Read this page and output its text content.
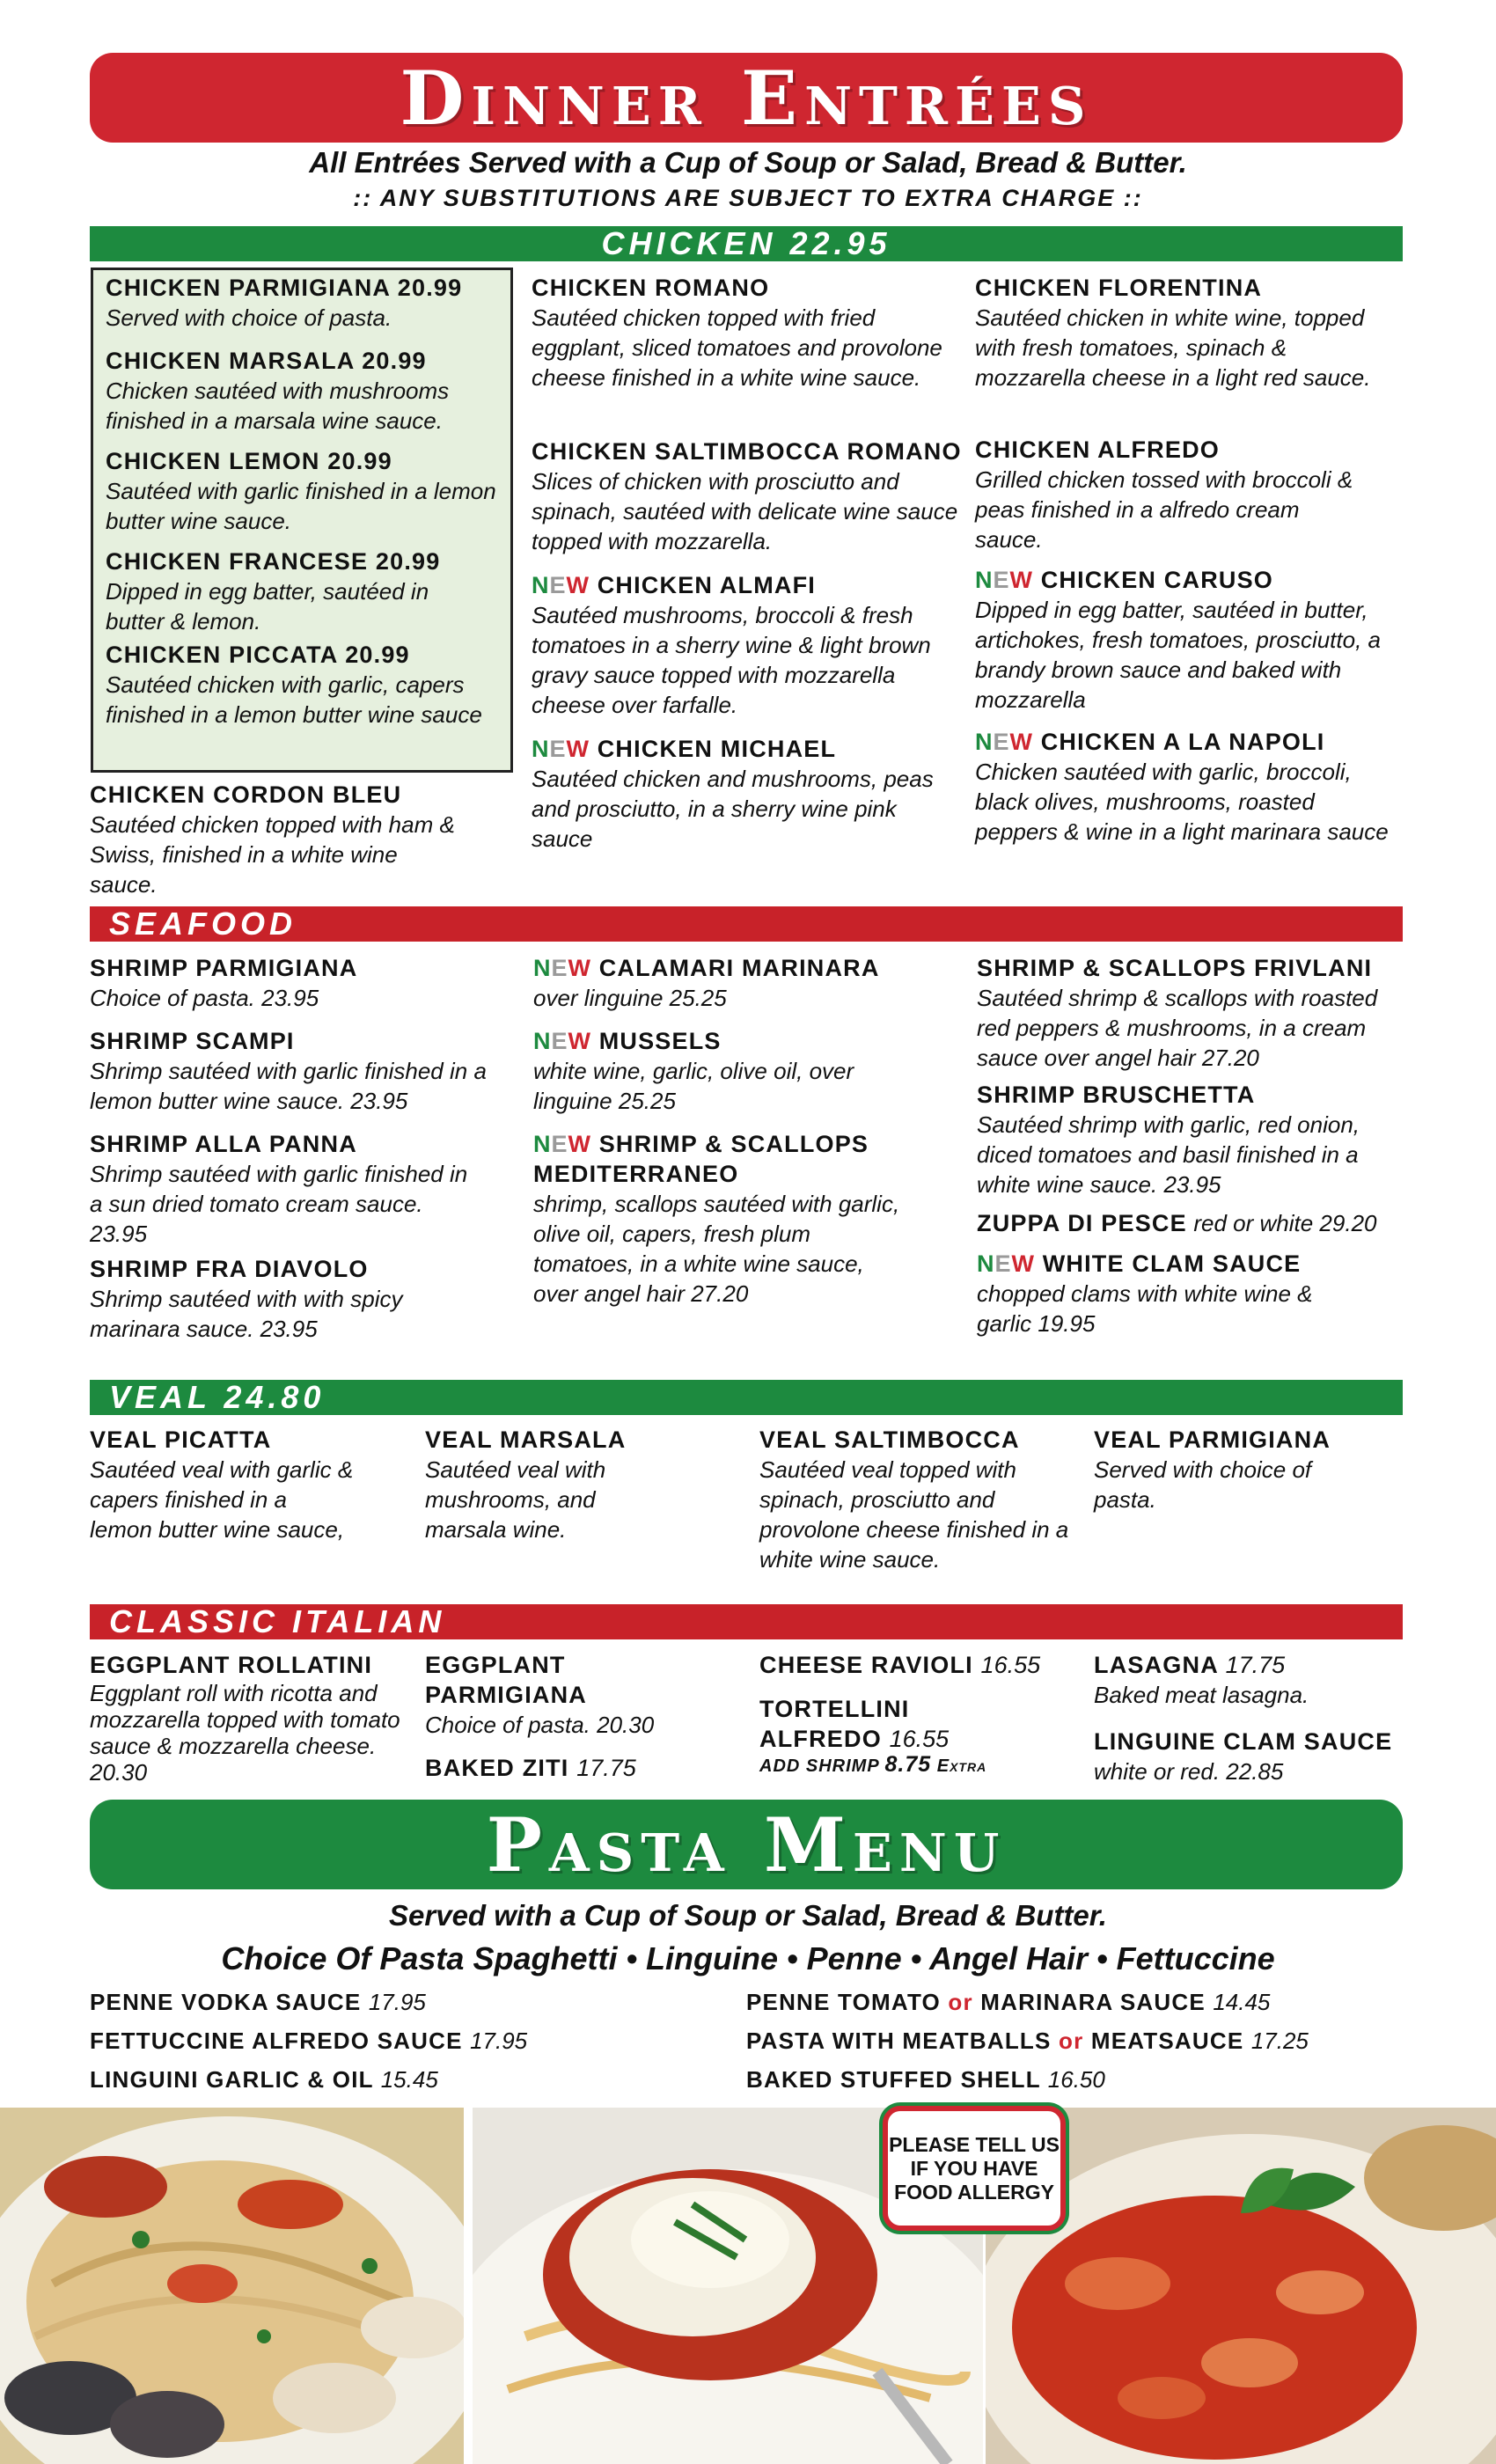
Dinner Entrées
All Entrées Served with a Cup of Soup or Salad, Bread & Butter.
:: ANY SUBSTITUTIONS ARE SUBJECT TO EXTRA CHARGE ::
CHICKEN 22.95
CHICKEN PARMIGIANA 20.99
Served with choice of pasta.
CHICKEN MARSALA 20.99
Chicken sautéed with mushrooms finished in a marsala wine sauce.
CHICKEN LEMON 20.99
Sautéed with garlic finished in a lemon butter wine sauce.
CHICKEN FRANCESE 20.99
Dipped in egg batter, sautéed in butter & lemon.
CHICKEN PICCATA 20.99
Sautéed chicken with garlic, capers finished in a lemon butter wine sauce
CHICKEN CORDON BLEU
Sautéed chicken topped with ham & Swiss, finished in a white wine sauce.
CHICKEN ROMANO
Sautéed chicken topped with fried eggplant, sliced tomatoes and provolone cheese finished in a white wine sauce.
CHICKEN SALTIMBOCCA ROMANO
Slices of chicken with prosciutto and spinach, sautéed with delicate wine sauce topped with mozzarella.
NEW CHICKEN ALMAFI
Sautéed mushrooms, broccoli & fresh tomatoes in a sherry wine & light brown gravy sauce topped with mozzarella cheese over farfalle.
NEW CHICKEN MICHAEL
Sautéed chicken and mushrooms, peas and prosciutto, in a sherry wine pink sauce
CHICKEN FLORENTINA
Sautéed chicken in white wine, topped with fresh tomatoes, spinach & mozzarella cheese in a light red sauce.
CHICKEN ALFREDO
Grilled chicken tossed with broccoli & peas finished in a alfredo cream sauce.
NEW CHICKEN CARUSO
Dipped in egg batter, sautéed in butter, artichokes, fresh tomatoes, prosciutto, a brandy brown sauce and baked with mozzarella
NEW CHICKEN A LA NAPOLI
Chicken sautéed with garlic, broccoli, black olives, mushrooms, roasted peppers & wine in a light marinara sauce
SEAFOOD
SHRIMP PARMIGIANA
Choice of pasta. 23.95
SHRIMP SCAMPI
Shrimp sautéed with garlic finished in a lemon butter wine sauce. 23.95
SHRIMP ALLA PANNA
Shrimp sautéed with garlic finished in a sun dried tomato cream sauce. 23.95
SHRIMP FRA DIAVOLO
Shrimp sautéed with with spicy marinara sauce. 23.95
NEW CALAMARI MARINARA
over linguine 25.25
NEW MUSSELS
white wine, garlic, olive oil, over linguine 25.25
NEW SHRIMP & SCALLOPS MEDITERRANEO
shrimp, scallops sautéed with garlic, olive oil, capers, fresh plum tomatoes, in a white wine sauce, over angel hair 27.20
SHRIMP & SCALLOPS FRIVLANI
Sautéed shrimp & scallops with roasted red peppers & mushrooms, in a cream sauce over angel hair 27.20
SHRIMP BRUSCHETTA
Sautéed shrimp with garlic, red onion, diced tomatoes and basil finished in a white wine sauce. 23.95
ZUPPA DI PESCE red or white 29.20
NEW WHITE CLAM SAUCE
chopped clams with white wine & garlic 19.95
VEAL 24.80
VEAL PICATTA
Sautéed veal with garlic & capers finished in a lemon butter wine sauce,
VEAL MARSALA
Sautéed veal with mushrooms, and marsala wine.
VEAL SALTIMBOCCA
Sautéed veal topped with spinach, prosciutto and provolone cheese finished in a white wine sauce.
VEAL PARMIGIANA
Served with choice of pasta.
CLASSIC ITALIAN
EGGPLANT ROLLATINI
Eggplant roll with ricotta and mozzarella topped with tomato sauce & mozzarella cheese. 20.30
EGGPLANT PARMIGIANA
Choice of pasta. 20.30
BAKED ZITI 17.75
CHEESE RAVIOLI 16.55
TORTELLINI ALFREDO 16.55
ADD SHRIMP 8.75 Extra
LASAGNA 17.75
Baked meat lasagna.
LINGUINE CLAM SAUCE
white or red. 22.85
Pasta Menu
Served with a Cup of Soup or Salad, Bread & Butter.
Choice Of Pasta Spaghetti • Linguine • Penne • Angel Hair • Fettuccine
PENNE VODKA SAUCE 17.95
FETTUCCINE ALFREDO SAUCE 17.95
LINGUINI GARLIC & OIL 15.45
PENNE TOMATO or MARINARA SAUCE 14.45
PASTA WITH MEATBALLS or MEATSAUCE 17.25
BAKED STUFFED SHELL 16.50
PLEASE TELL US IF YOU HAVE FOOD ALLERGY
